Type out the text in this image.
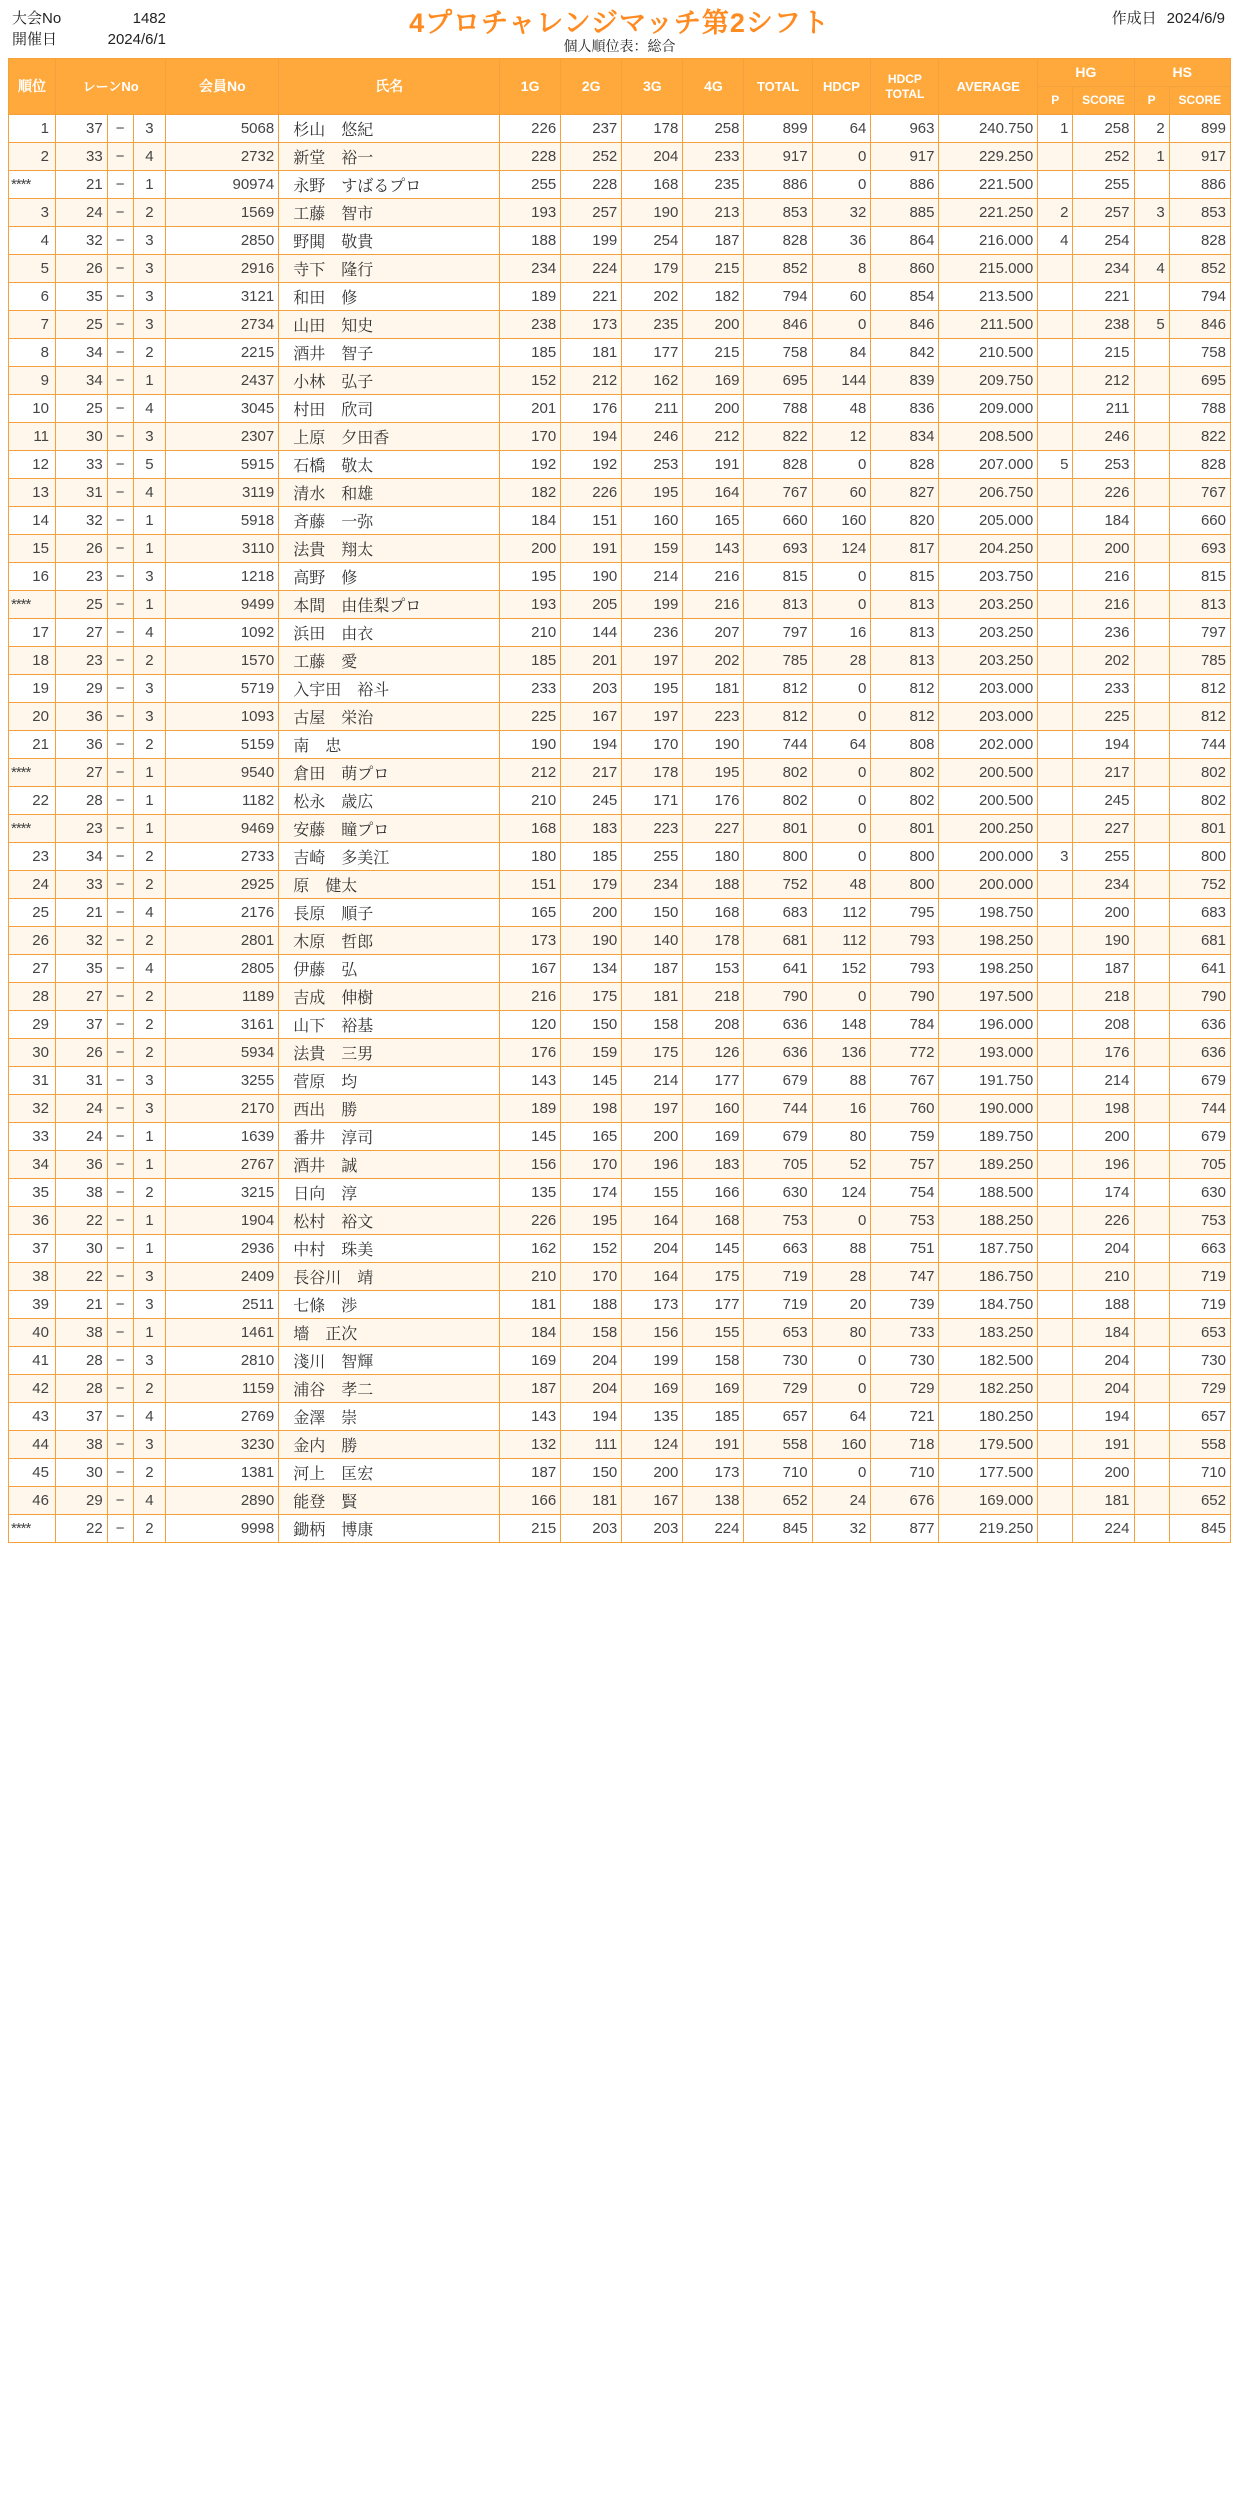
大会No	1482
開催日	2024/6/1
4プロチャレンジマッチ第2シフト
個人順位表：総合
作成日 2024/6/9
順位	レーンNo			会員No	氏名	1G	2G	3G	4G	TOTAL	HDCP	HDCP
TOTAL	AVERAGE	HG		HS	
														P	SCORE	P	SCORE
1	37	−	3	5068	杉山　悠紀	226	237	178	258	899	64	963	240.750	1	258	2	899
2	33	−	4	2732	新堂　裕一	228	252	204	233	917	0	917	229.250		252	1	917
****	21	−	1	90974	永野　すばるプロ	255	228	168	235	886	0	886	221.500		255		886
3	24	−	2	1569	工藤　智市	193	257	190	213	853	32	885	221.250	2	257	3	853
4	32	−	3	2850	野閧　敬貴	188	199	254	187	828	36	864	216.000	4	254		828
5	26	−	3	2916	寺下　隆行	234	224	179	215	852	8	860	215.000		234	4	852
6	35	−	3	3121	和田　修	189	221	202	182	794	60	854	213.500		221		794
7	25	−	3	2734	山田　知史	238	173	235	200	846	0	846	211.500		238	5	846
8	34	−	2	2215	酒井　智子	185	181	177	215	758	84	842	210.500		215		758
9	34	−	1	2437	小林　弘子	152	212	162	169	695	144	839	209.750		212		695
10	25	−	4	3045	村田　欣司	201	176	211	200	788	48	836	209.000		211		788
11	30	−	3	2307	上原　夕田香	170	194	246	212	822	12	834	208.500		246		822
12	33	−	5	5915	石橋　敬太	192	192	253	191	828	0	828	207.000	5	253		828
13	31	−	4	3119	清水　和雄	182	226	195	164	767	60	827	206.750		226		767
14	32	−	1	5918	斉藤　一弥	184	151	160	165	660	160	820	205.000		184		660
15	26	−	1	3110	法貴　翔太	200	191	159	143	693	124	817	204.250		200		693
16	23	−	3	1218	高野　修	195	190	214	216	815	0	815	203.750		216		815
****	25	−	1	9499	本間　由佳梨プロ	193	205	199	216	813	0	813	203.250		216		813
17	27	−	4	1092	浜田　由衣	210	144	236	207	797	16	813	203.250		236		797
18	23	−	2	1570	工藤　愛	185	201	197	202	785	28	813	203.250		202		785
19	29	−	3	5719	入宇田　裕斗	233	203	195	181	812	0	812	203.000		233		812
20	36	−	3	1093	古屋　栄治	225	167	197	223	812	0	812	203.000		225		812
21	36	−	2	5159	南　忠	190	194	170	190	744	64	808	202.000		194		744
****	27	−	1	9540	倉田　萌プロ	212	217	178	195	802	0	802	200.500		217		802
22	28	−	1	1182	松永　歳広	210	245	171	176	802	0	802	200.500		245		802
****	23	−	1	9469	安藤　瞳プロ	168	183	223	227	801	0	801	200.250		227		801
23	34	−	2	2733	吉崎　多美江	180	185	255	180	800	0	800	200.000	3	255		800
24	33	−	2	2925	原　健太	151	179	234	188	752	48	800	200.000		234		752
25	21	−	4	2176	長原　順子	165	200	150	168	683	112	795	198.750		200		683
26	32	−	2	2801	木原　哲郎	173	190	140	178	681	112	793	198.250		190		681
27	35	−	4	2805	伊藤　弘	167	134	187	153	641	152	793	198.250		187		641
28	27	−	2	1189	吉成　伸樹	216	175	181	218	790	0	790	197.500		218		790
29	37	−	2	3161	山下　裕基	120	150	158	208	636	148	784	196.000		208		636
30	26	−	2	5934	法貴　三男	176	159	175	126	636	136	772	193.000		176		636
31	31	−	3	3255	菅原　均	143	145	214	177	679	88	767	191.750		214		679
32	24	−	3	2170	西出　勝	189	198	197	160	744	16	760	190.000		198		744
33	24	−	1	1639	番井　淳司	145	165	200	169	679	80	759	189.750		200		679
34	36	−	1	2767	酒井　誠	156	170	196	183	705	52	757	189.250		196		705
35	38	−	2	3215	日向　淳	135	174	155	166	630	124	754	188.500		174		630
36	22	−	1	1904	松村　裕文	226	195	164	168	753	0	753	188.250		226		753
37	30	−	1	2936	中村　珠美	162	152	204	145	663	88	751	187.750		204		663
38	22	−	3	2409	長谷川　靖	210	170	164	175	719	28	747	186.750		210		719
39	21	−	3	2511	七條　渉	181	188	173	177	719	20	739	184.750		188		719
40	38	−	1	1461	墻　正次	184	158	156	155	653	80	733	183.250		184		653
41	28	−	3	2810	淺川　智輝	169	204	199	158	730	0	730	182.500		204		730
42	28	−	2	1159	浦谷　孝二	187	204	169	169	729	0	729	182.250		204		729
43	37	−	4	2769	金澤　崇	143	194	135	185	657	64	721	180.250		194		657
44	38	−	3	3230	金内　勝	132	111	124	191	558	160	718	179.500		191		558
45	30	−	2	1381	河上　匡宏	187	150	200	173	710	0	710	177.500		200		710
46	29	−	4	2890	能登　賢	166	181	167	138	652	24	676	169.000		181		652
****	22	−	2	9998	鋤柄　博康	215	203	203	224	845	32	877	219.250		224		845
